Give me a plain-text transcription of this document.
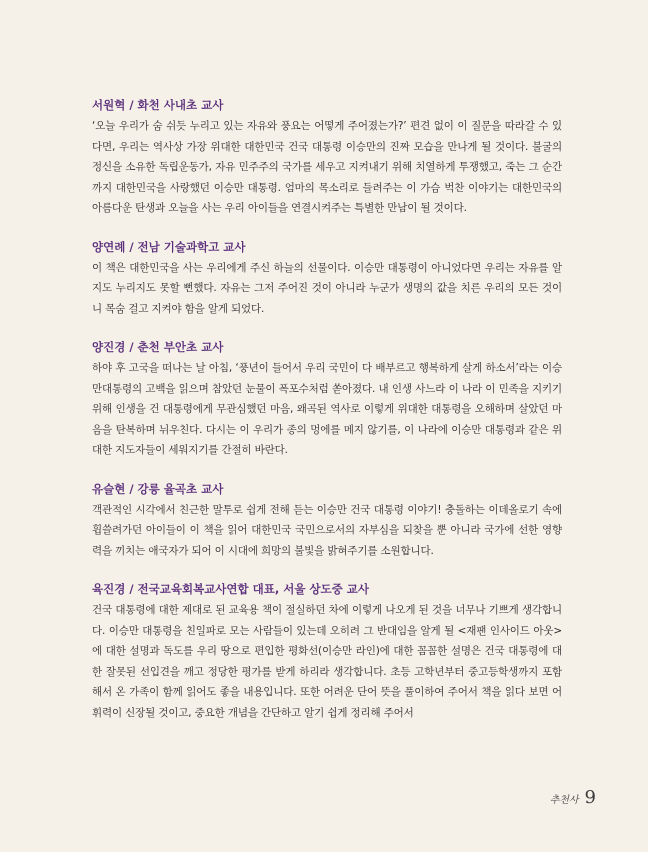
서원혁 / 화천 사내초 교사

‘오늘 우리가 숨 쉬듯 누리고 있는 자유와 풍요는 어떻게 주어졌는가?’ 편견 없이 이 질문을 따라갈 수 있다면, 우리는 역사상 가장 위대한 대한민국 건국 대통령 이승만의 진짜 모습을 만나게 될 것이다. 불굴의 정신을 소유한 독립운동가, 자유 민주주의 국가를 세우고 지켜내기 위해 치열하게 투쟁했고, 죽는 그 순간까지 대한민국을 사랑했던 이승만 대통령. 엄마의 목소리로 들려주는 이 가슴 벅찬 이야기는 대한민국의 아름다운 탄생과 오늘을 사는 우리 아이들을 연결시켜주는 특별한 만남이 될 것이다.

양연례 / 전남 기술과학고 교사

이 책은 대한민국을 사는 우리에게 주신 하늘의 선물이다. 이승만 대통령이 아니었다면 우리는 자유를 알지도 누리지도 못할 뻔했다. 자유는 그저 주어진 것이 아니라 누군가 생명의 값을 치른 우리의 모든 것이니 목숨 걸고 지켜야 함을 알게 되었다.

양진경 / 춘천 부안초 교사

하야 후 고국을 떠나는 날 아침, ‘풍년이 들어서 우리 국민이 다 배부르고 행복하게 살게 하소서’라는 이승만대통령의 고백을 읽으며 참았던 눈물이 폭포수처럼 쏟아졌다. 내 인생 사느라 이 나라 이 민족을 지키기 위해 인생을 건 대통령에게 무관심했던 마음, 왜곡된 역사로 이렇게 위대한 대통령을 오해하며 살았던 마음을 탄복하며 뉘우친다. 다시는 이 우리가 종의 멍에를 메지 않기를, 이 나라에 이승만 대통령과 같은 위대한 지도자들이 세워지기를 간절히 바란다.

유슬현 / 강릉 율곡초 교사

객관적인 시각에서 친근한 말투로 쉽게 전해 듣는 이승만 건국 대통령 이야기! 충돌하는 이데올로기 속에 휩쓸려가던 아이들이 이 책을 읽어 대한민국 국민으로서의 자부심을 되찾을 뿐 아니라 국가에 선한 영향력을 끼치는 애국자가 되어 이 시대에 희망의 불빛을 밝혀주기를 소원합니다.

육진경 / 전국교육회복교사연합 대표, 서울 상도중 교사

건국 대통령에 대한 제대로 된 교육용 책이 절실하던 차에 이렇게 나오게 된 것을 너무나 기쁘게 생각합니다. 이승만 대통령을 친일파로 모는 사람들이 있는데 오히려 그 반대임을 알게 될 <재팬 인사이드 아웃>에 대한 설명과 독도를 우리 땅으로 편입한 평화선(이승만 라인)에 대한 꼼꼼한 설명은 건국 대통령에 대한 잘못된 선입견을 깨고 정당한 평가를 받게 하리라 생각합니다. 초등 고학년부터 중고등학생까지 포함해서 온 가족이 함께 읽어도 좋을 내용입니다. 또한 어려운 단어 뜻을 풀이하여 주어서 책을 읽다 보면 어휘력이 신장될 것이고, 중요한 개념을 간단하고 알기 쉽게 정리해 주어서

추천사 9
